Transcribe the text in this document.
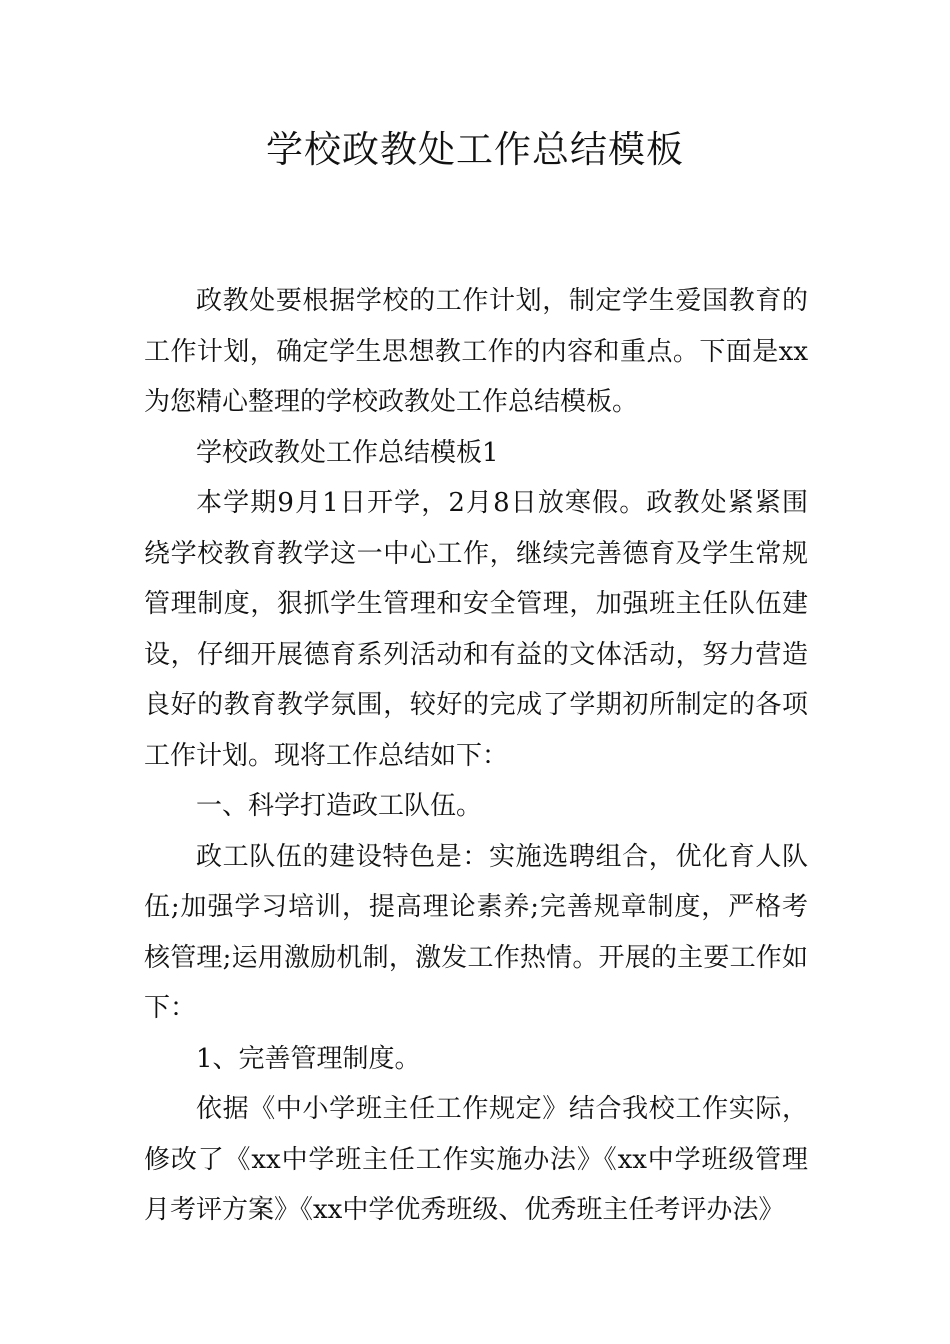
学校政教处工作总结模板

政教处要根据学校的工作计划，制定学生爱国教育的工作计划，确定学生思想教工作的内容和重点。下面是xx为您精心整理的学校政教处工作总结模板。

学校政教处工作总结模板1

本学期9月1日开学，2月8日放寒假。政教处紧紧围绕学校教育教学这一中心工作，继续完善德育及学生常规管理制度，狠抓学生管理和安全管理，加强班主任队伍建设，仔细开展德育系列活动和有益的文体活动，努力营造良好的教育教学氛围，较好的完成了学期初所制定的各项工作计划。现将工作总结如下：

一、科学打造政工队伍。

政工队伍的建设特色是：实施选聘组合，优化育人队伍;加强学习培训，提高理论素养;完善规章制度，严格考核管理;运用激励机制，激发工作热情。开展的主要工作如下：

1、完善管理制度。

依据《中小学班主任工作规定》结合我校工作实际，修改了《xx中学班主任工作实施办法》《xx中学班级管理月考评方案》《xx中学优秀班级、优秀班主任考评办法》
